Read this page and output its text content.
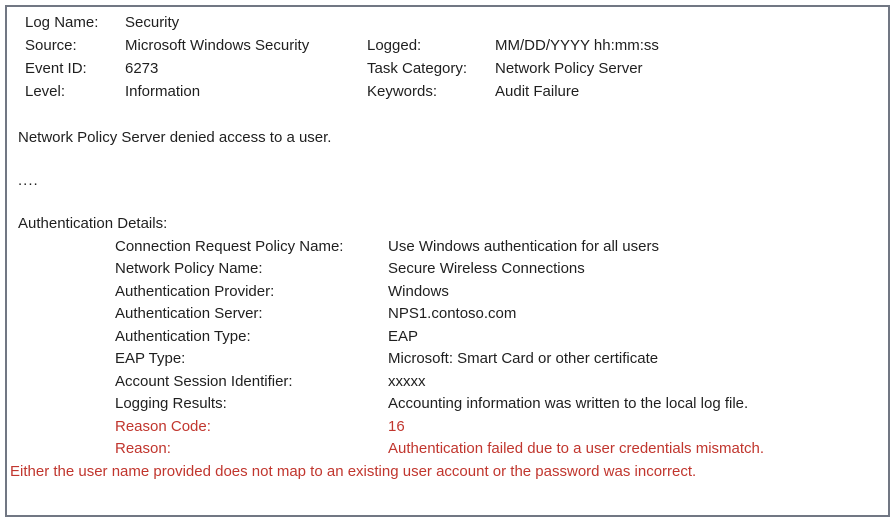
Log Name:	Security
Source:	Microsoft Windows Security	Logged:	MM/DD/YYYY hh:mm:ss
Event ID:	6273	Task Category:	Network Policy Server
Level:	Information	Keywords:	Audit Failure

Network Policy Server denied access to a user.

....

Authentication Details:

Connection Request Policy Name:	Use Windows authentication for all users
Network Policy Name:	Secure Wireless Connections
Authentication Provider:	Windows
Authentication Server:	NPS1.contoso.com
Authentication Type:	EAP
EAP Type:	Microsoft: Smart Card or other certificate
Account Session Identifier:	xxxxx
Logging Results:	Accounting information was written to the local log file.
Reason Code:	16
Reason:	Authentication failed due to a user credentials mismatch.

Either the user name provided does not map to an existing user account or the password was incorrect.
